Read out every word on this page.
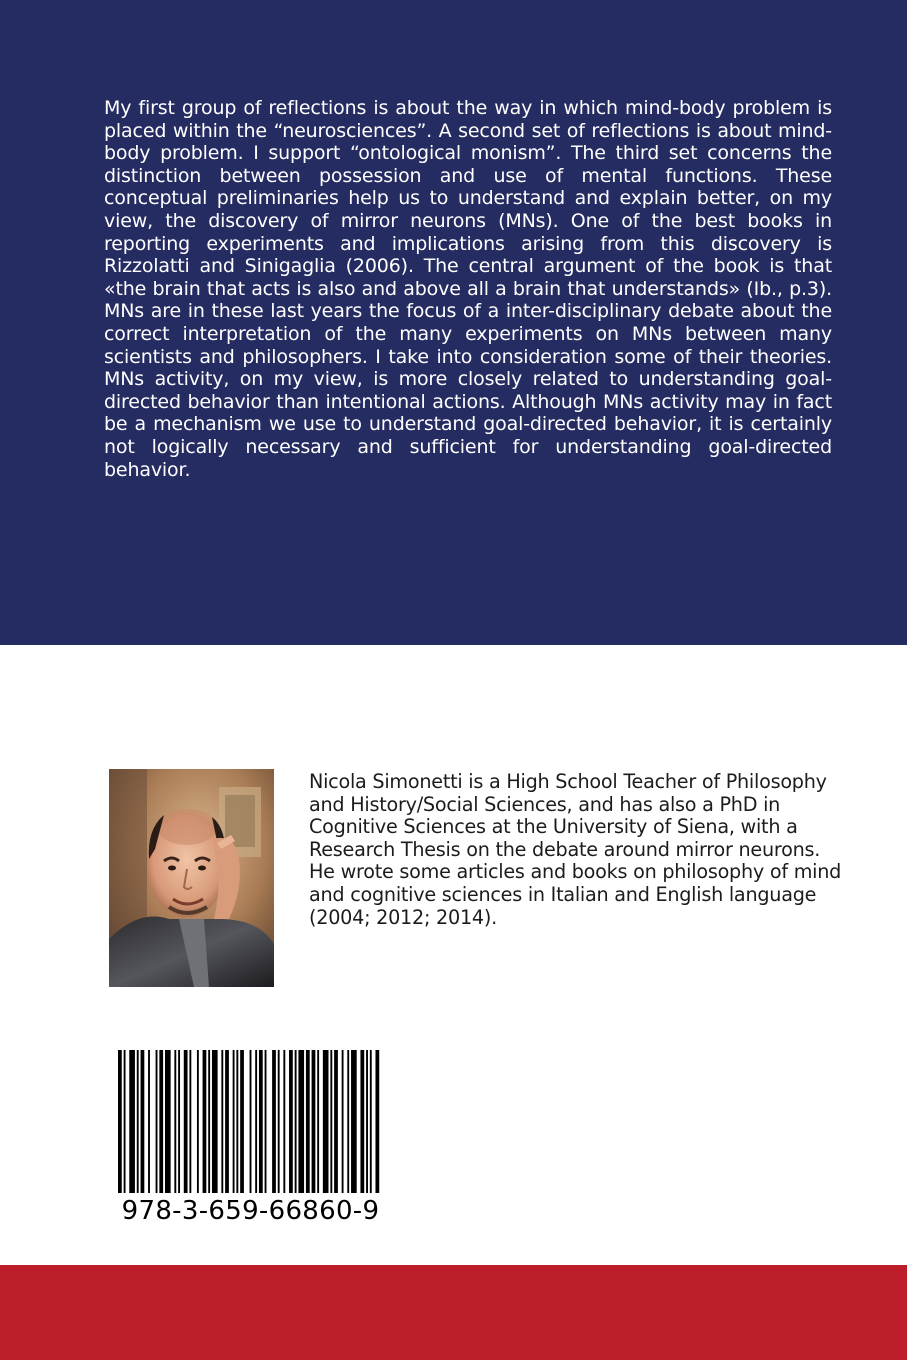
My first group of reflections is about the way in which mind-body problem is placed within the “neurosciences”. A second set of reflections is about mind-body problem. I support “ontological monism”. The third set concerns the distinction between possession and use of mental functions. These conceptual preliminaries help us to understand and explain better, on my view, the discovery of mirror neurons (MNs). One of the best books in reporting experiments and implications arising from this discovery is Rizzolatti and Sinigaglia (2006). The central argument of the book is that «the brain that acts is also and above all a brain that understands» (Ib., p.3). MNs are in these last years the focus of a inter-disciplinary debate about the correct interpretation of the many experiments on MNs between many scientists and philosophers. I take into consideration some of their theories. MNs activity, on my view, is more closely related to understanding goal-directed behavior than intentional actions. Although MNs activity may in fact be a mechanism we use to understand goal-directed behavior, it is certainly not logically necessary and sufficient for understanding goal-directed behavior.

Nicola Simonetti is a High School Teacher of Philosophy and History/Social Sciences, and has also a PhD in Cognitive Sciences at the University of Siena, with a Research Thesis on the debate around mirror neurons. He wrote some articles and books on philosophy of mind and cognitive sciences in Italian and English language (2004; 2012; 2014).

978-3-659-66860-9
